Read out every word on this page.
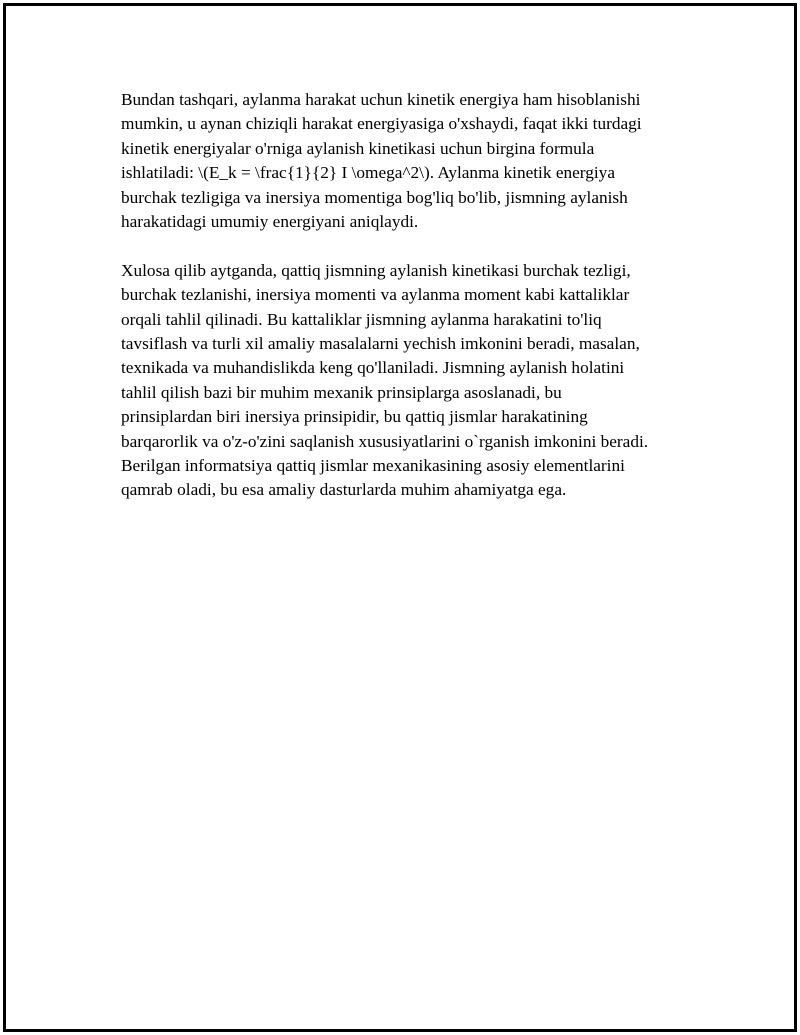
Bundan tashqari, aylanma harakat uchun kinetik energiya ham hisoblanishi
mumkin, u aynan chiziqli harakat energiyasiga o'xshaydi, faqat ikki turdagi
kinetik energiyalar o'rniga aylanish kinetikasi uchun birgina formula
ishlatiladi: \(E_k = \frac{1}{2} I \omega^2\). Aylanma kinetik energiya
burchak tezligiga va inersiya momentiga bog'liq bo'lib, jismning aylanish
harakatidagi umumiy energiyani aniqlaydi.

Xulosa qilib aytganda, qattiq jismning aylanish kinetikasi burchak tezligi,
burchak tezlanishi, inersiya momenti va aylanma moment kabi kattaliklar
orqali tahlil qilinadi. Bu kattaliklar jismning aylanma harakatini to'liq
tavsiflash va turli xil amaliy masalalarni yechish imkonini beradi, masalan,
texnikada va muhandislikda keng qo'llaniladi. Jismning aylanish holatini
tahlil qilish bazi bir muhim mexanik prinsiplarga asoslanadi, bu
prinsiplardan biri inersiya prinsipidir, bu qattiq jismlar harakatining
barqarorlik va o'z-o'zini saqlanish xususiyatlarini o`rganish imkonini beradi.
Berilgan informatsiya qattiq jismlar mexanikasining asosiy elementlarini
qamrab oladi, bu esa amaliy dasturlarda muhim ahamiyatga ega.
